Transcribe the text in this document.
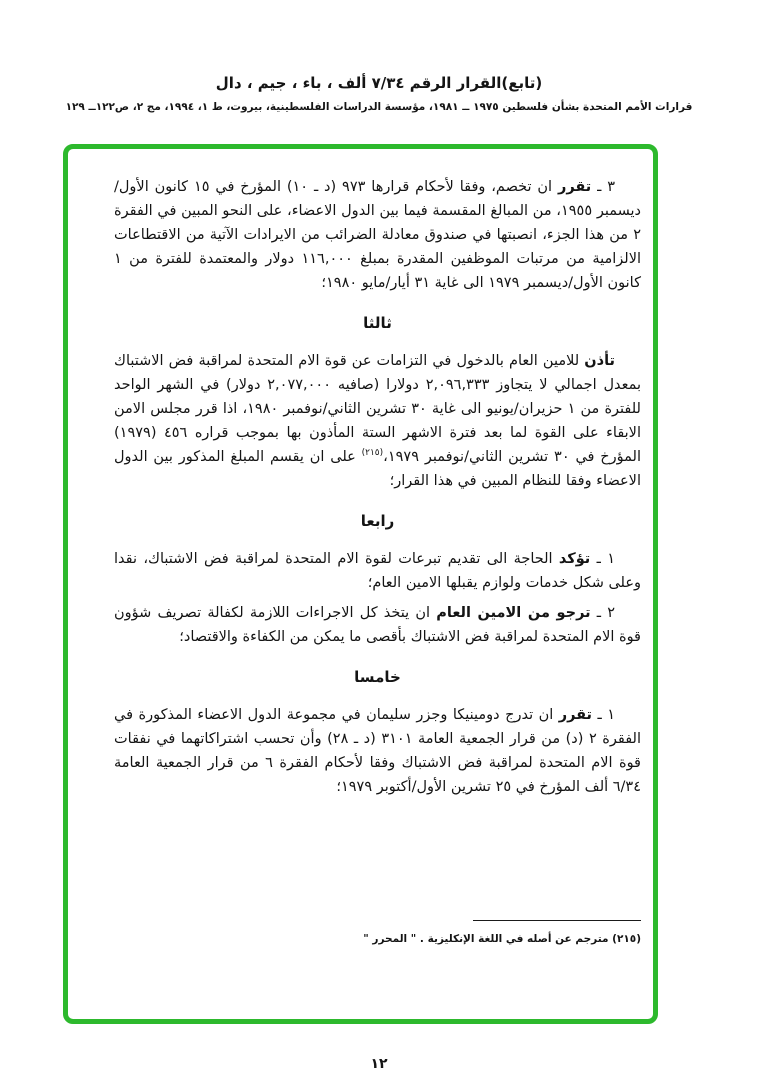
(تابع)القرار الرقم ٧/٣٤ ألف ، باء ، جيم ، دال

قرارات الأمم المتحدة بشأن فلسطين ١٩٧٥ ــ ١٩٨١، مؤسسة الدراسات الفلسطينية، بيروت، ط ١، ١٩٩٤، مج ٢، ص١٢٢ــ ١٢٩

٣ ـ تقرر ان تخصم، وفقا لأحكام قرارها ٩٧٣ (د ـ ١٠) المؤرخ في ١٥ كانون الأول/ديسمبر ١٩٥٥، من المبالغ المقسمة فيما بين الدول الاعضاء، على النحو المبين في الفقرة ٢ من هذا الجزء، انصبتها في صندوق معادلة الضرائب من الايرادات الآتية من الاقتطاعات الالزامية من مرتبات الموظفين المقدرة بمبلغ ١١٦,٠٠٠ دولار والمعتمدة للفترة من ١ كانون الأول/ديسمبر ١٩٧٩ الى غاية ٣١ أيار/مايو ١٩٨٠؛

ثالثا

تأذن للامين العام بالدخول في التزامات عن قوة الام المتحدة لمراقبة فض الاشتباك بمعدل اجمالي لا يتجاوز ٢,٠٩٦,٣٣٣ دولارا (صافيه ٢,٠٧٧,٠٠٠ دولار) في الشهر الواحد للفترة من ١ حزيران/يونيو الى غاية ٣٠ تشرين الثاني/نوفمبر ١٩٨٠، اذا قرر مجلس الامن الابقاء على القوة لما بعد فترة الاشهر الستة المأذون بها بموجب قراره ٤٥٦ (١٩٧٩) المؤرخ في ٣٠ تشرين الثاني/نوفمبر ١٩٧٩،$^{(٢١٥)}$ على ان يقسم المبلغ المذكور بين الدول الاعضاء وفقا للنظام المبين في هذا القرار؛

رابعا

١ ـ تؤكد الحاجة الى تقديم تبرعات لقوة الام المتحدة لمراقبة فض الاشتباك، نقدا وعلى شكل خدمات ولوازم يقبلها الامين العام؛

٢ ـ ترجو من الامين العام ان يتخذ كل الاجراءات اللازمة لكفالة تصريف شؤون قوة الام المتحدة لمراقبة فض الاشتباك بأقصى ما يمكن من الكفاءة والاقتصاد؛

خامسا

١ ـ تقرر ان تدرج دومينيكا وجزر سليمان في مجموعة الدول الاعضاء المذكورة في الفقرة ٢ (د) من قرار الجمعية العامة ٣١٠١ (د ـ ٢٨) وأن تحسب اشتراكاتهما في نفقات قوة الام المتحدة لمراقبة فض الاشتباك وفقا لأحكام الفقرة ٦ من قرار الجمعية العامة ٦/٣٤ ألف المؤرخ في ٢٥ تشرين الأول/أكتوبر ١٩٧٩؛

(٢١٥) مترجم عن أصله في اللغة الإنكليزية . " المحرر "

١٢
